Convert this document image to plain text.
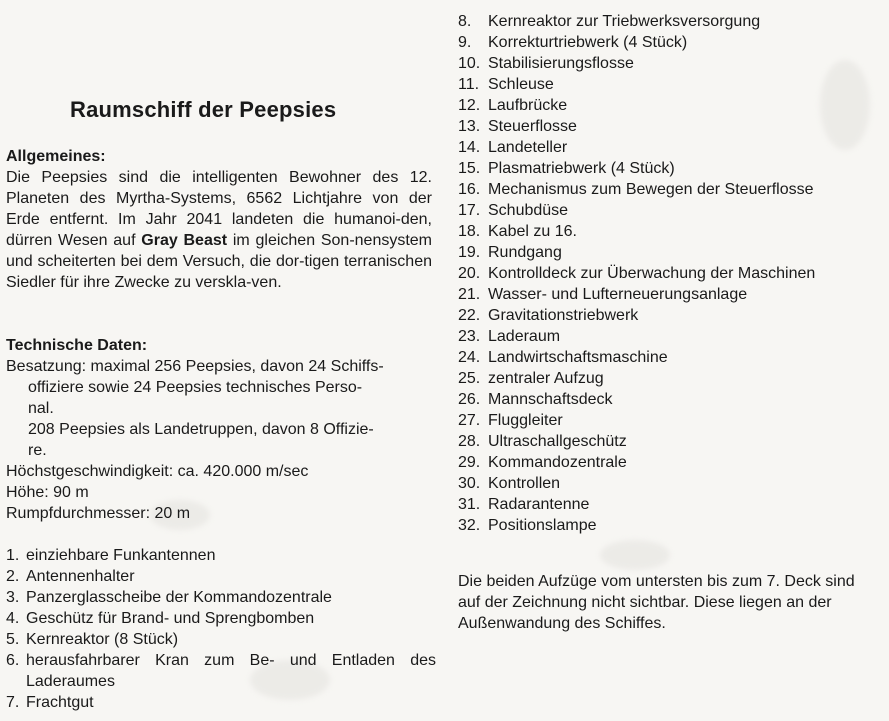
Raumschiff der Peepsies
Allgemeines:
Die Peepsies sind die intelligenten Bewohner des 12. Planeten des Myrtha-Systems, 6562 Lichtjahre von der Erde entfernt. Im Jahr 2041 landeten die humanoi-den, dürren Wesen auf Gray Beast im gleichen Son-nensystem und scheiterten bei dem Versuch, die dor-tigen terranischen Siedler für ihre Zwecke zu verskla-ven.
Technische Daten:
Besatzung: maximal 256 Peepsies, davon 24 Schiffs-
offiziere sowie 24 Peepsies technisches Perso-
nal.
208 Peepsies als Landetruppen, davon 8 Offizie-
re.
Höchstgeschwindigkeit: ca. 420.000 m/sec
Höhe: 90 m
Rumpfdurchmesser: 20 m
1. einziehbare Funkantennen
2. Antennenhalter
3. Panzerglasscheibe der Kommandozentrale
4. Geschütz für Brand- und Sprengbomben
5. Kernreaktor (8 Stück)
6. herausfahrbarer Kran zum Be- und Entladen des Laderaumes
7. Frachtgut
8. Kernreaktor zur Triebwerksversorgung
9. Korrekturtriebwerk (4 Stück)
10. Stabilisierungsflosse
11. Schleuse
12. Laufbrücke
13. Steuerflosse
14. Landeteller
15. Plasmatriebwerk (4 Stück)
16. Mechanismus zum Bewegen der Steuerflosse
17. Schubdüse
18. Kabel zu 16.
19. Rundgang
20. Kontrolldeck zur Überwachung der Maschinen
21. Wasser- und Lufterneuerungsanlage
22. Gravitationstriebwerk
23. Laderaum
24. Landwirtschaftsmaschine
25. zentraler Aufzug
26. Mannschaftsdeck
27. Fluggleiter
28. Ultraschallgeschütz
29. Kommandozentrale
30. Kontrollen
31. Radarantenne
32. Positionslampe
Die beiden Aufzüge vom untersten bis zum 7. Deck sind auf der Zeichnung nicht sichtbar. Diese liegen an der Außenwandung des Schiffes.
